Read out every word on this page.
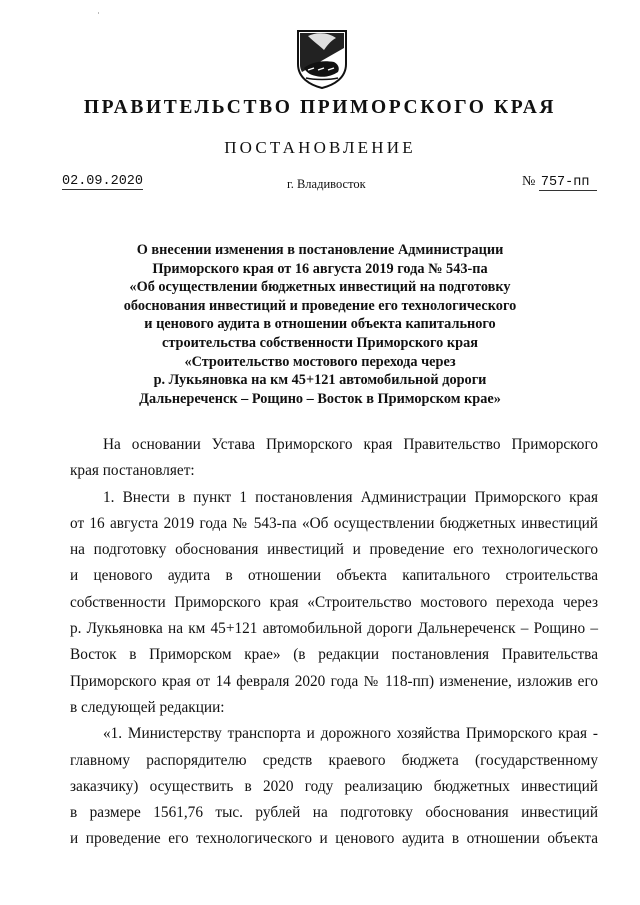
ПРАВИТЕЛЬСТВО ПРИМОРСКОГО КРАЯ
ПОСТАНОВЛЕНИЕ
02.09.2020	г. Владивосток	№ 757-пп
О внесении изменения в постановление Администрации
Приморского края от 16 августа 2019 года № 543-па
«Об осуществлении бюджетных инвестиций на подготовку
обоснования инвестиций и проведение его технологического
и ценового аудита в отношении объекта капитального
строительства собственности Приморского края
«Строительство мостового перехода через
р. Лукьяновка на км 45+121 автомобильной дороги
Дальнереченск – Рощино – Восток в Приморском крае»
На основании Устава Приморского края Правительство Приморского
края постановляет:
1. Внести в пункт 1 постановления Администрации Приморского края
от 16 августа 2019 года № 543-па «Об осуществлении бюджетных инвестиций
на подготовку обоснования инвестиций и проведение его технологического
и ценового аудита в отношении объекта капитального строительства
собственности Приморского края «Строительство мостового перехода через
р. Лукьяновка на км 45+121 автомобильной дороги Дальнереченск – Рощино –
Восток в Приморском крае» (в редакции постановления Правительства
Приморского края от 14 февраля 2020 года № 118-пп) изменение, изложив его
в следующей редакции:
«1. Министерству транспорта и дорожного хозяйства Приморского края -
главному распорядителю средств краевого бюджета (государственному
заказчику) осуществить в 2020 году реализацию бюджетных инвестиций
в размере 1561,76 тыс. рублей на подготовку обоснования инвестиций
и проведение его технологического и ценового аудита в отношении объекта
